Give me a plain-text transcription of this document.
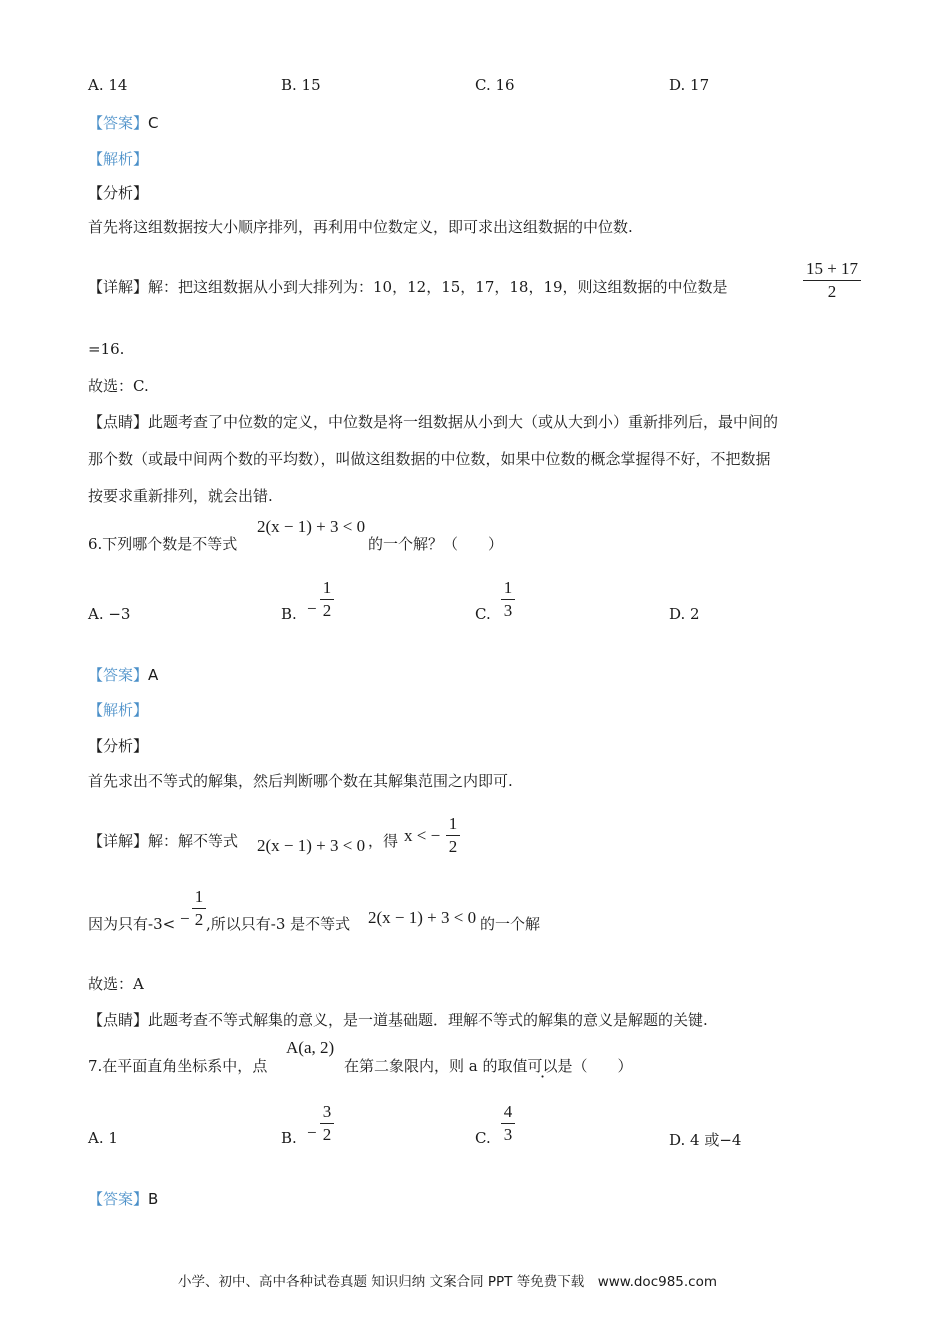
A. 14	B. 15	C. 16	D. 17
【答案】C
【解析】
【分析】
首先将这组数据按大小顺序排列，再利用中位数定义，即可求出这组数据的中位数.
【详解】解：把这组数据从小到大排列为：10，12，15，17，18，19，则这组数据的中位数是
15 + 17
2
=16.
故选：C.
【点睛】此题考查了中位数的定义，中位数是将一组数据从小到大（或从大到小）重新排列后，最中间的
那个数（或最中间两个数的平均数），叫做这组数据的中位数，如果中位数的概念掌握得不好，不把数据
按要求重新排列，就会出错.
6.下列哪个数是不等式
2(x − 1) + 3 < 0
的一个解？（　　）
A. −3	B. −
1
2	C.
1
3	D. 2
【答案】A
【解析】
【分析】
首先求出不等式的解集，然后判断哪个数在其解集范围之内即可.
【详解】解：解不等式 2(x − 1) + 3 < 0 ，得 x < −
1
2
因为只有-3< −
1
2 ,所以只有-3 是不等式 2(x − 1) + 3 < 0 的一个解
故选：A
【点睛】此题考查不等式解集的意义，是一道基础题．理解不等式的解集的意义是解题的关键.
7.在平面直角坐标系中，点
A(a, 2)
在第二象限内，则 a 的取值可以是（　　）
A. 1	B. −
3
2	C.
4
3	D. 4 或−4
【答案】B
小学、初中、高中各种试卷真题 知识归纳 文案合同 PPT 等免费下载　www.doc985.com
